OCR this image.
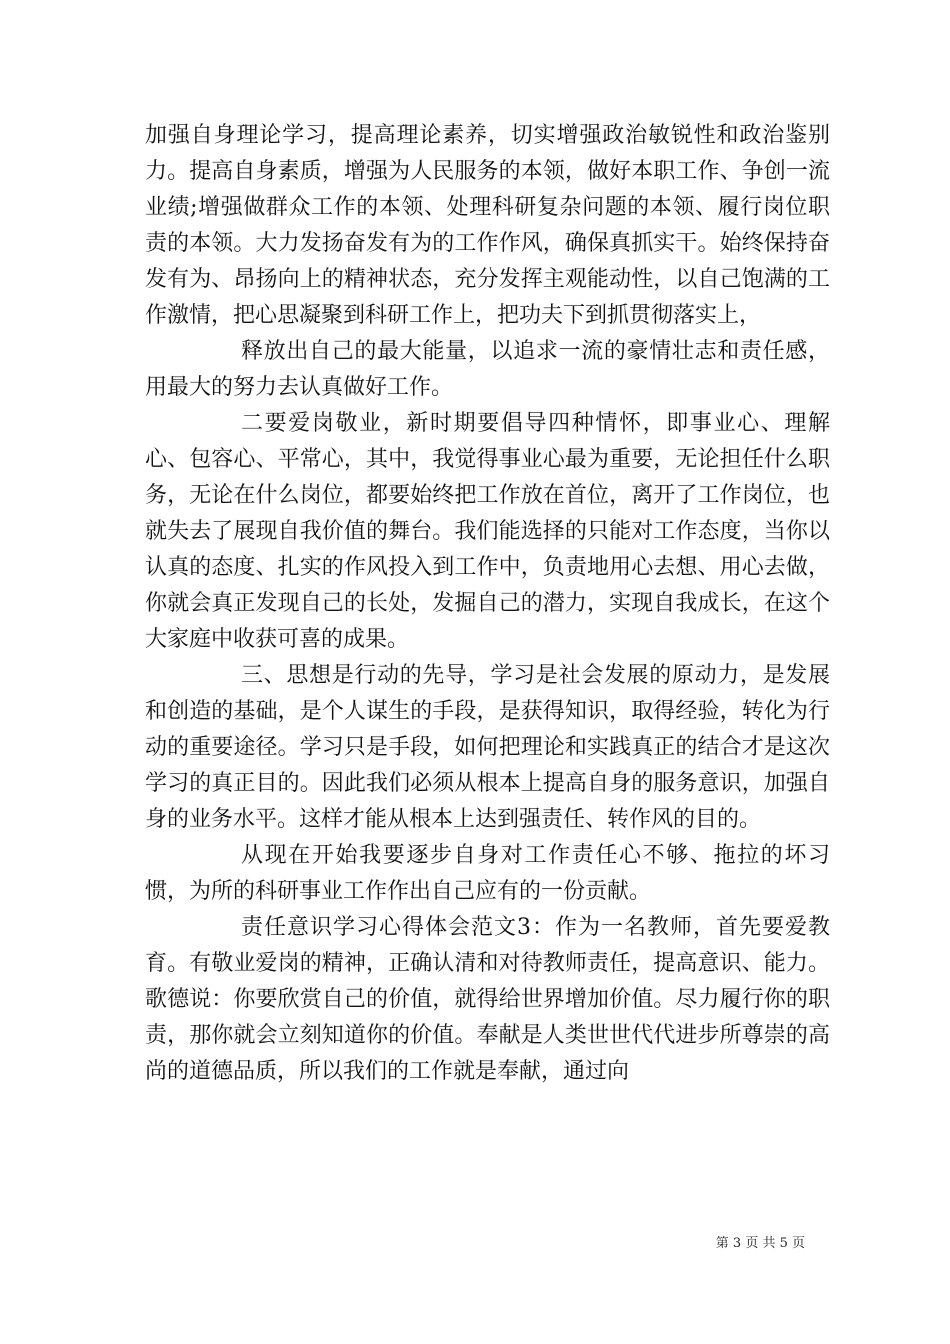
加强自身理论学习，提高理论素养，切实增强政治敏锐性和政治鉴别力。提高自身素质，增强为人民服务的本领，做好本职工作、争创一流业绩;增强做群众工作的本领、处理科研复杂问题的本领、履行岗位职责的本领。大力发扬奋发有为的工作作风，确保真抓实干。始终保持奋发有为、昂扬向上的精神状态，充分发挥主观能动性，以自己饱满的工作激情，把心思凝聚到科研工作上，把功夫下到抓贯彻落实上，

释放出自己的最大能量，以追求一流的豪情壮志和责任感，用最大的努力去认真做好工作。

二要爱岗敬业，新时期要倡导四种情怀，即事业心、理解心、包容心、平常心，其中，我觉得事业心最为重要，无论担任什么职务，无论在什么岗位，都要始终把工作放在首位，离开了工作岗位，也就失去了展现自我价值的舞台。我们能选择的只能对工作态度，当你以认真的态度、扎实的作风投入到工作中，负责地用心去想、用心去做，你就会真正发现自己的长处，发掘自己的潜力，实现自我成长，在这个大家庭中收获可喜的成果。

三、思想是行动的先导，学习是社会发展的原动力，是发展和创造的基础，是个人谋生的手段，是获得知识，取得经验，转化为行动的重要途径。学习只是手段，如何把理论和实践真正的结合才是这次学习的真正目的。因此我们必须从根本上提高自身的服务意识，加强自身的业务水平。这样才能从根本上达到强责任、转作风的目的。

从现在开始我要逐步自身对工作责任心不够、拖拉的坏习惯，为所的科研事业工作作出自己应有的一份贡献。

责任意识学习心得体会范文3：作为一名教师，首先要爱教育。有敬业爱岗的精神，正确认清和对待教师责任，提高意识、能力。歌德说：你要欣赏自己的价值，就得给世界增加价值。尽力履行你的职责，那你就会立刻知道你的价值。奉献是人类世世代代进步所尊崇的高尚的道德品质，所以我们的工作就是奉献，通过向

第 3 页 共 5 页
